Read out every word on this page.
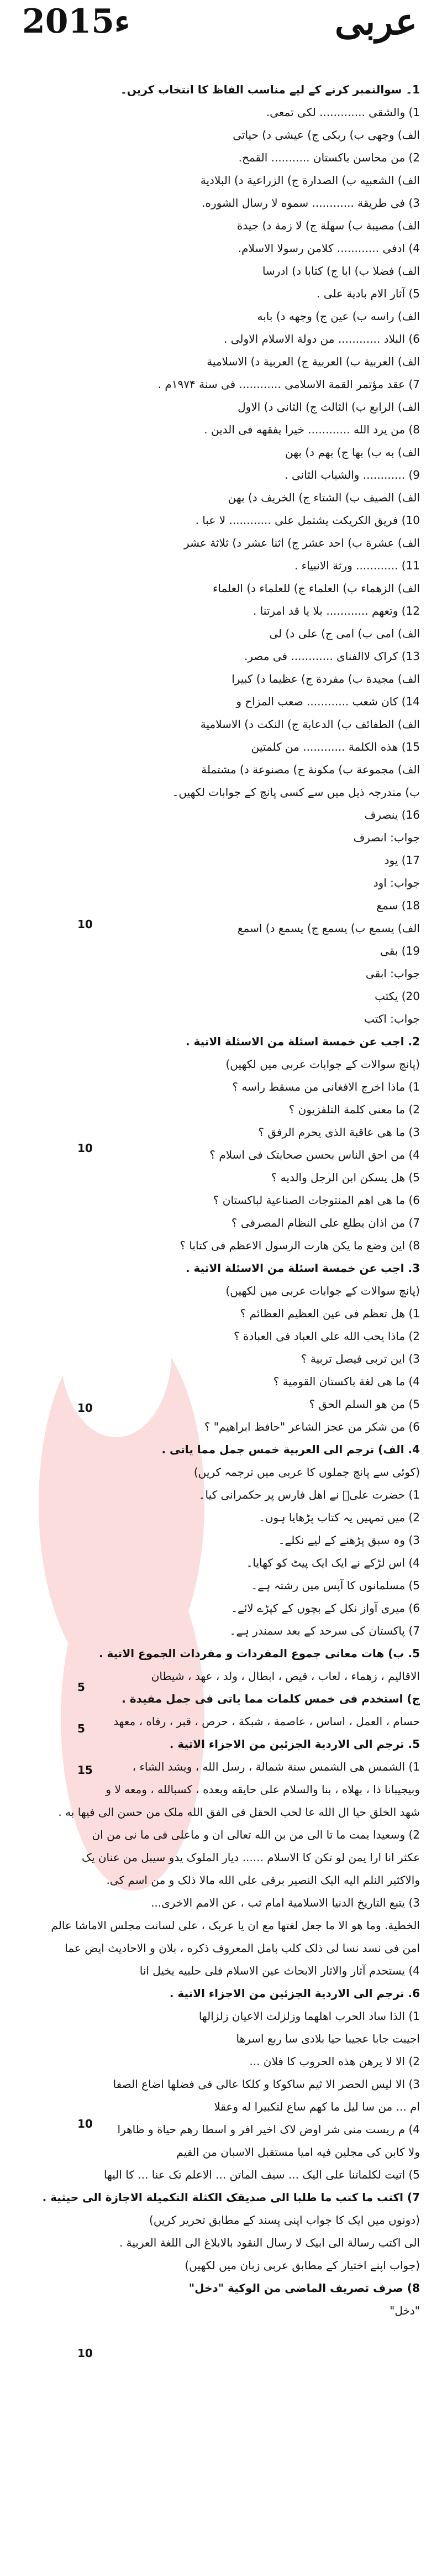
2015ء	عربی
1۔ سوالنمبر کرنے کے لیے مناسب الفاظ کا انتخاب کریں۔
1) والشقی ............. لکی تمعی.
الف) وجهی ب) ربکی ج) عیشی د) حیاتی
2) من محاسن باکستان ........... القمح.
الف) الشعبیه ب) الصدارة ج) الزراعیة د) البلادیة
3) فی طریقة ............ سموه لا رسال الشوره.
الف) مصیبة ب) سهلة ج) لا زمة د) جیدة
4) ادفی ............ کلامن رسولا الاسلام.
الف) فضلا ب) ابا ج) کتابا د) ادرسا
5) آثار الام بادیة علی .
الف) راسه ب) عین ج) وجهه د) بابه
6) البلاد ............ من دولة الاسلام الاولی .
الف) العربیة ب) العربیة ج) العربیة د) الاسلامیة
7) عقد مؤتمر القمة الاسلامی ............ فی سنة ۱۹۷۴م .
الف) الرابع ب) الثالث ج) الثانی د) الاول
8) من یرد الله ............ خیرا یفقهه فی الدین .
الف) به ب) بها ج) بهم د) بهن
9) ............ والشباب الثانی .
الف) الصیف ب) الشتاء ج) الخریف د) بهن
10) فریق الکریکت یشتمل علی ............ لا عبا .
الف) عشرة ب) احد عشر ج) اثنا عشر د) ثلاثة عشر
11) ............ ورثة الانبیاء .
الف) الزهماء ب) العلماء ج) للعلماء د) العلماء
12) وتعهم ............ بلا یا قد امرتنا .
الف) امی ب) امی ج) علی د) لی
13) کراک لاالفنای ............ فی مصر.
الف) مجیدة ب) مفردة ج) عظیما د) کبیرا
14) کان شعب ............ صعب المزاح و
الف) الطفائف ب) الدعابة ج) النکت د) الاسلامیة
15) هذه الکلمة ............ من کلمتین
الف) مجموعة ب) مکونة ج) مصنوعة د) مشتملة
ب) مندرجہ ذیل میں سے کسی پانچ کے جوابات لکھیں۔
16) ینصرف
جواب: انصرف
17) یود
جواب: اود
18) سمع
الف) یسمع ب) یسمع ج) یسمع د) اسمع
19) بقی
جواب: ابقی
20) یکتب
جواب: اکتب
2. اجب عن خمسة اسئلة من الاسئلة الاتیة .
(پانچ سوالات کے جوابات عربی میں لکھیں)
1) ماذا اخرج الافغانی من مسقط راسه ؟
2) ما معنی کلمة التلفزیون ؟
3) ما هی عاقبة الذی یحرم الرفق ؟
4) من احق الناس بحسن صحابتک فی اسلام ؟
5) هل یسکن ابن الرجل والدیه ؟
6) ما هی اهم المنتوجات الصناعیة لباکستان ؟
7) من اذان یطلع علی النظام المصرفی ؟
8) این وضع ما یکن هارت الرسول الاعظم فی کتابا ؟
3. اجب عن خمسة اسئلة من الاسئلة الاتیة .
(پانچ سوالات کے جوابات عربی میں لکھیں)
1) هل تعظم فی عین العظیم العظائم ؟
2) ماذا یحب الله علی العباد فی العبادة ؟
3) این تربی فیصل تربیة ؟
4) ما هی لغة باکستان القومیة ؟
5) من هو السلم الحق ؟
6) من شکر من عجز الشاعر "حافظ ابراهیم" ؟
4. الف) ترجم الی العربیة خمس جمل مما یاتی .
(کوئی سے پانچ جملوں کا عربی میں ترجمہ کریں)
1) حضرت علیؓ نے اهل فارس پر حکمرانی کیا۔
2) میں تمہیں یہ کتاب پڑھایا ہوں۔
3) وہ سبق پڑھنے کے لیے نکلے۔
4) اس لڑکے نے ایک ایک پیٹ کو کھایا۔
5) مسلمانوں کا آپس میں رشتہ ہے۔
6) میری آواز نکل کے بچوں کے کپڑے لائے۔
7) پاکستان کی سرحد کے بعد سمندر ہے۔
5. ب) هات معانی جموع المفردات و مفردات الجموع الاتیة .
الاقالیم ، زهماء ، لعاب ، قیص ، ابطال ، ولد ، عهد ، شیطان
ج) استخدم فی خمس کلمات مما یاتی فی جمل مفیدة .
حسام ، العمل ، اساس ، عاصمة ، شبکة ، حرص ، قبر ، رفاه ، معهد
5. ترجم الی الاردیة الجزئین من الاجزاء الاتیة .
1) الشمس هی الشمس سنة شمالة ، رسل الله ، ویشد الشاء ،
وبیجیبانا ذا ، بهلاه ، بنا والسلام علی حایقه وبعده ، کسبالله ، ومعه لا و
شهد الخلق حیا ال الله عا لحب الحقل فی الفق الله ملک من حسن الی فیها به .
2) وسعیدا یمت ما تا الی من بن الله تعالی ان و ماعلی فی ما نی من ان
عکثر انا ارا یمن لو تکن کا الاسلام ...... دیار الملوک یدو سیبل من عنان یک
والاکثیر النلم الیه الیک النصیر برقی علی الله مالا ذلک و من اسم کی.
3) یتبع التاریخ الدنیا الاسلامیة امام ثب ، عن الامم الاخری...
الخطیة. وما هو الا ما جعل لغتها مع ان یا عربک ، علی لسانت مجلس الاماشا عالم
امن فی نسد نسا لی ذلک کلب بامل المعروف ذکره ، بلان و الاحادیث ایض عما
4) یستحدم آثار والاثار الابحاث عین الاسلام فلی حلبیه یخیل انا
6. ترجم الی الاردیة الجزئین من الاجزاء الاتیة .
1) الذا ساد الحرب اهلهما وزلزلت الاعیان زلزالها
اجیبت جابا عجیبا حیا بلادی سا ربع اسرها
2) الا لا یرهن هذه الحروب کا فلان ...
3) الا لیس الحصر الا ثیم ساکوکا و کلکا عالی فی فضلها اضاع الصفا
ام ... من سا لیل ما کهم ساع لتکبیرا له وعقلا
4) م ریست منی شر اوض لاک اخیر افر و اسطا رهم حیاة و ظاهرا
ولا کابن کی مجلین فیه امیا مستقبل الاسبان من القیم
5) اتیت لکلماتنا علی الیک ... سیف الماتن ... الاعلم تک عنا ... کا الیها
7) اکتب ما کتب ما طلبا الی صدیقک الکثلة التکمیلة الاجازة الی حیثیة .
(دونوں میں ایک کا جواب اپنی پسند کے مطابق تحریر کریں)
الی اکتب رسالة الی ابیک لا رسال النقود بالابلاغ الی اللغة العربیة .
(جواب اپنے اختیار کے مطابق عربی زبان میں لکھیں)
8) صرف تصریف الماضی من الوکیة "دخل"
"دخل"
10
10
10
5
5
15
10
10
